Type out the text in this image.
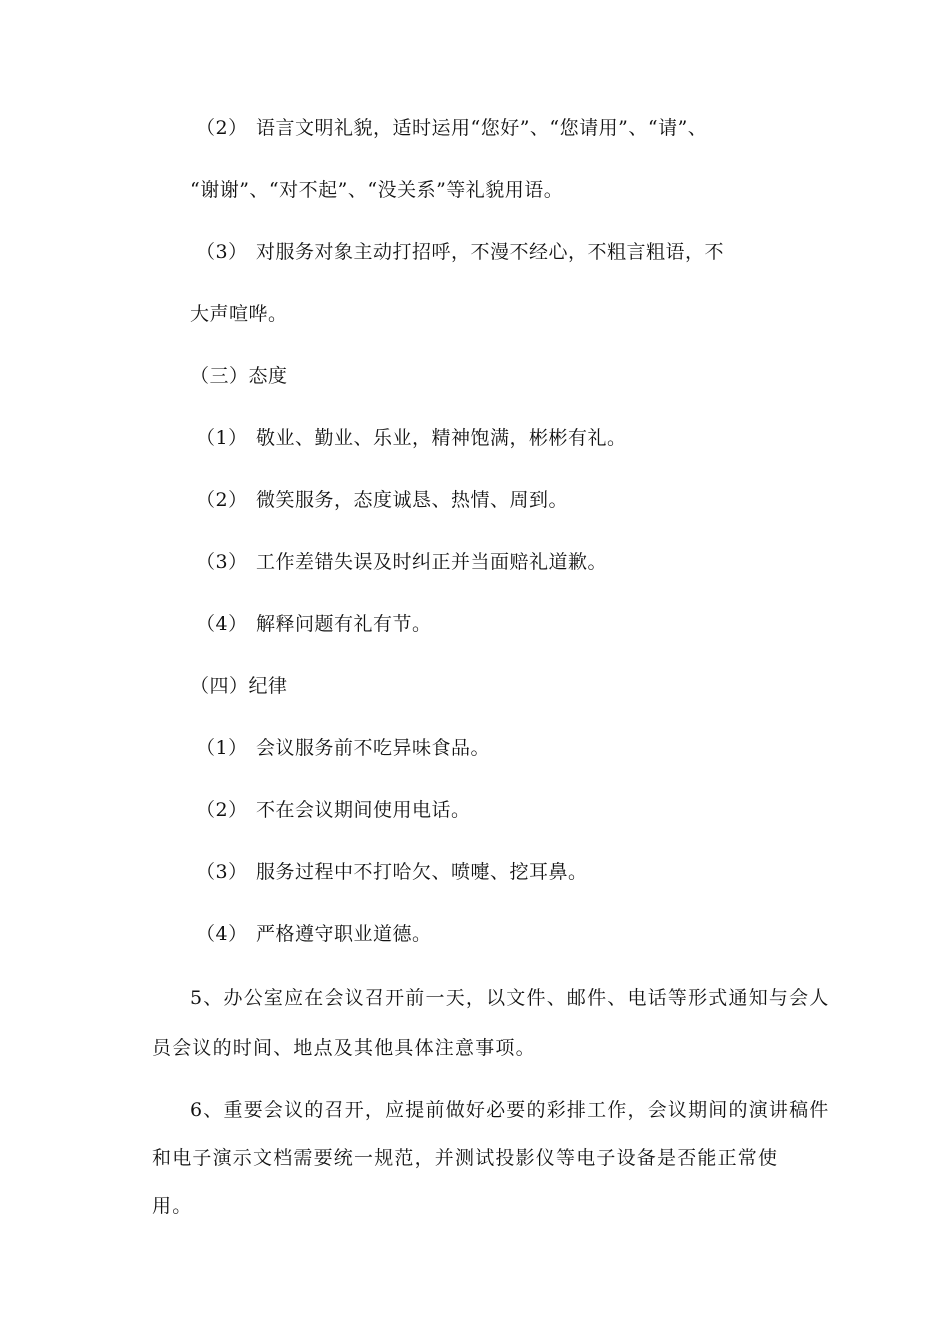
（2） 语言文明礼貌，适时运用“您好”、“您请用”、“请”、
“谢谢”、“对不起”、“没关系”等礼貌用语。
（3） 对服务对象主动打招呼，不漫不经心，不粗言粗语，不
大声喧哗。
（三）态度
（1） 敬业、勤业、乐业，精神饱满，彬彬有礼。
（2） 微笑服务，态度诚恳、热情、周到。
（3） 工作差错失误及时纠正并当面赔礼道歉。
（4） 解释问题有礼有节。
（四）纪律
（1） 会议服务前不吃异味食品。
（2） 不在会议期间使用电话。
（3） 服务过程中不打哈欠、喷嚏、挖耳鼻。
（4） 严格遵守职业道德。
5、办公室应在会议召开前一天，以文件、邮件、电话等形式通知与会人
员会议的时间、地点及其他具体注意事项。
6、重要会议的召开，应提前做好必要的彩排工作，会议期间的演讲稿件
和电子演示文档需要统一规范，并测试投影仪等电子设备是否能正常使
用。
